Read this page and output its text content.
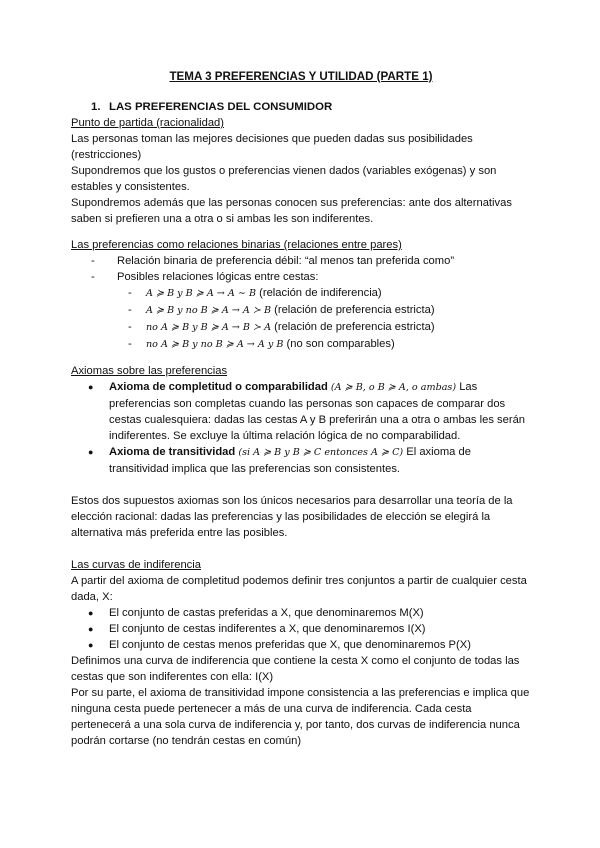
TEMA 3 PREFERENCIAS Y UTILIDAD (PARTE 1)
1. LAS PREFERENCIAS DEL CONSUMIDOR

Punto de partida (racionalidad)

Las personas toman las mejores decisiones que pueden dadas sus posibilidades (restricciones)

Supondremos que los gustos o preferencias vienen dados (variables exógenas) y son estables y consistentes.

Supondremos además que las personas conocen sus preferencias: ante dos alternativas saben si prefieren una a otra o si ambas les son indiferentes.

Las preferencias como relaciones binarias (relaciones entre pares)

- Relación binaria de preferencia débil: “al menos tan preferida como”
- Posibles relaciones lógicas entre cestas:
- A ≽ B y B ≽ A → A ∼ B (relación de indiferencia)
- A ≽ B y no B ≽ A → A ≻ B (relación de preferencia estricta)
- no A ≽ B y B ≽ A → B ≻ A (relación de preferencia estricta)
- no A ≽ B y no B ≽ A → A y B (no son comparables)

Axiomas sobre las preferencias

● Axioma de completitud o comparabilidad (A ≽ B, o B ≽ A, o ambas) Las preferencias son completas cuando las personas son capaces de comparar dos cestas cualesquiera: dadas las cestas A y B preferirán una a otra o ambas les serán indiferentes. Se excluye la última relación lógica de no comparabilidad.
● Axioma de transitividad (si A ≽ B y B ≽ C entonces A ≽ C) El axioma de transitividad implica que las preferencias son consistentes.

Estos dos supuestos axiomas son los únicos necesarios para desarrollar una teoría de la elección racional: dadas las preferencias y las posibilidades de elección se elegirá la alternativa más preferida entre las posibles.

Las curvas de indiferencia

A partir del axioma de completitud podemos definir tres conjuntos a partir de cualquier cesta dada, X:

● El conjunto de castas preferidas a X, que denominaremos M(X)
● El conjunto de cestas indiferentes a X, que denominaremos I(X)
● El conjunto de cestas menos preferidas que X, que denominaremos P(X)

Definimos una curva de indiferencia que contiene la cesta X como el conjunto de todas las cestas que son indiferentes con ella: I(X)

Por su parte, el axioma de transitividad impone consistencia a las preferencias e implica que ninguna cesta puede pertenecer a más de una curva de indiferencia. Cada cesta pertenecerá a una sola curva de indiferencia y, por tanto, dos curvas de indiferencia nunca podrán cortarse (no tendrán cestas en común)
